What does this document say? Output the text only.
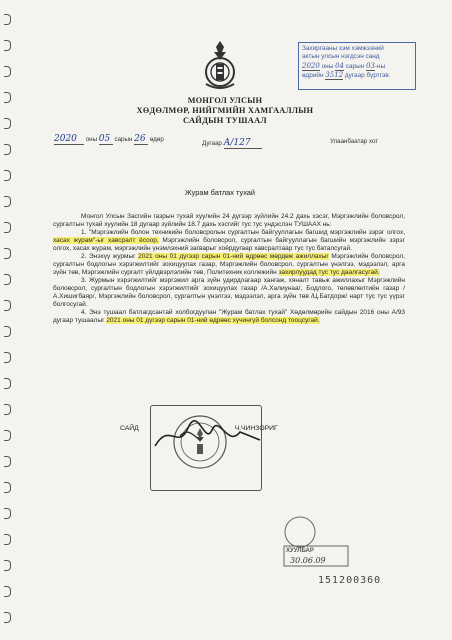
МОНГОЛ УЛСЫН
ХӨДӨЛМӨР, НИЙГМИЙН ХАМГААЛЛЫН
САЙДЫН ТУШААЛ
Захиргааны хэм хэмжээний
актын улсын нэгдсэн санд
2020 оны 04 сарын 03-ны
өдрийн 3512 дугаар бүртгэв.
2020 оны 05 сарын 26 өдөр
Дугаар А/127	Улаанбаатар хот
Журам батлах тухай

Монгол Улсын Засгийн газрын тухай хуулийн 24 дүгээр зүйлийн 24.2 дахь хэсэг, Мэргэжлийн боловсрол, сургалтын тухай хуулийн 18 дугаар зүйлийн 18.7 дахь хэсгийг тус тус үндэслэн ТУШААХ нь:

1. "Мэргэжлийн болон техникийн боловсролын сургалтын байгууллагын багшид мэргэжлийн зэрэг олгох, хасах журам"-ыг хавсралт ёсоор, Мэргэжлийн боловсрол, сургалтын байгууллагын багшийн мэргэжлийн зэрэг олгох, хасах журам, мэргэжлийн үнэмлэхний загварыг хоёрдугаар хавсралтаар тус тус баталсугай.

2. Энэхүү журмыг 2021 оны 01 дүгээр сарын 01-ний өдрөөс мөрдөж ажиллахыг Мэргэжлийн боловсрол, сургалтын бодлогын хэрэгжилтийг зохицуулах газар, Мэргэжлийн боловсрол, сургалтын үнэлгээ, мэдээлэл, арга зүйн төв, Мэргэжлийн сургалт үйлдвэрлэлийн төв, Политехник коллежийн захирлуудад тус тус даалгасугай.

3. Журмын хэрэгжилтийг мэргэжил арга зүйн удирдлагаар хангаж, хяналт тавьж ажиллахыг Мэргэжлийн боловсрол, сургалтын бодлогын хэрэгжилтийг зохицуулах газар /А.Халиунаа/, Бодлого, төлөвлөлтийн газар /А.Хишигбаяр/, Мэргэжлийн боловсрол, сургалтын үнэлгээ, мэдээлэл, арга зүйн төв /Ц.Батдорж/ нарт тус тус үүрэг болгосугай.

4. Энэ тушаал батлагдсантай холбогдуулан "Журам батлах тухай" Хөдөлмөрийн сайдын 2016 оны А/93 дугаар тушаалыг 2021 оны 01 дүгээр сарын 01-ний өдрөөс хүчингүй болсонд тооцсугай.

САЙД	Ч.ЧИНЗОРИГ
ХУУЛБАР
30.06.09
151200360
